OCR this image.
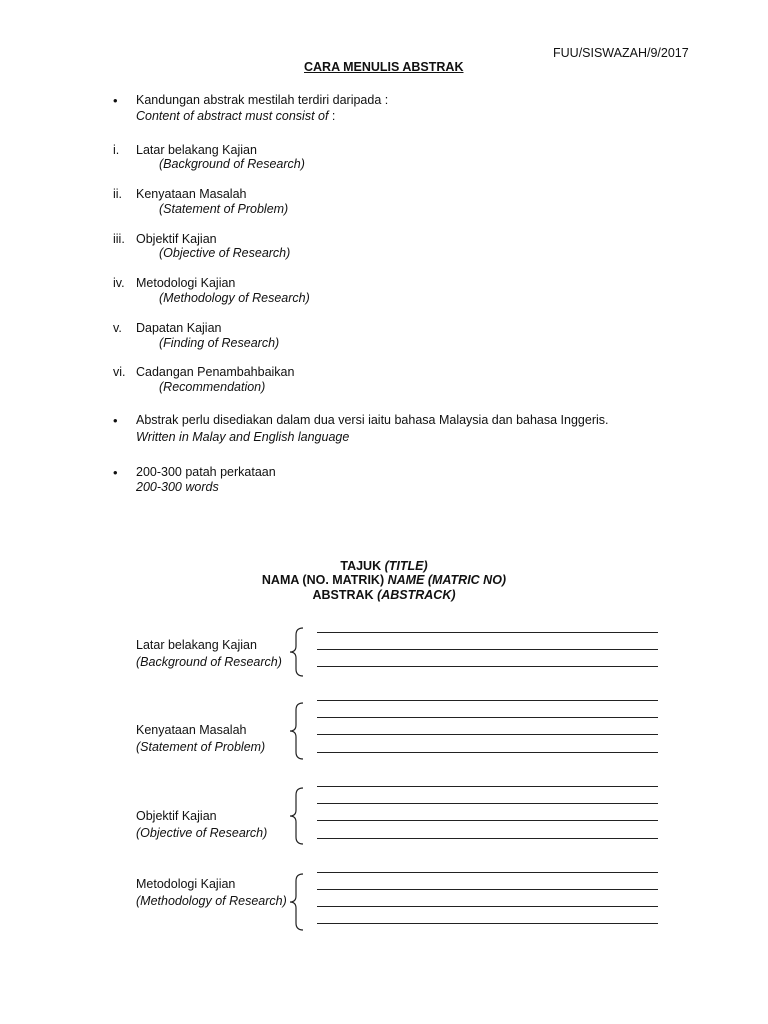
FUU/SISWAZAH/9/2017
CARA MENULIS ABSTRAK
• Kandungan abstrak mestilah terdiri daripada :
Content of abstract must consist of :
i. Latar belakang Kajian
(Background of Research)
ii. Kenyataan Masalah
(Statement of Problem)
iii. Objektif Kajian
(Objective of Research)
iv. Metodologi Kajian
(Methodology of Research)
v. Dapatan Kajian
(Finding of Research)
vi. Cadangan Penambahbaikan
(Recommendation)
• Abstrak perlu disediakan dalam dua versi iaitu bahasa Malaysia dan bahasa Inggeris.
Written in Malay and English language
• 200-300 patah perkataan
200-300 words
TAJUK (TITLE)
NAMA (NO. MATRIK) NAME (MATRIC NO)
ABSTRAK (ABSTRACK)
Latar belakang Kajian
(Background of Research)
Kenyataan Masalah
(Statement of Problem)
Objektif Kajian
(Objective of Research)
Metodologi Kajian
(Methodology of Research)
